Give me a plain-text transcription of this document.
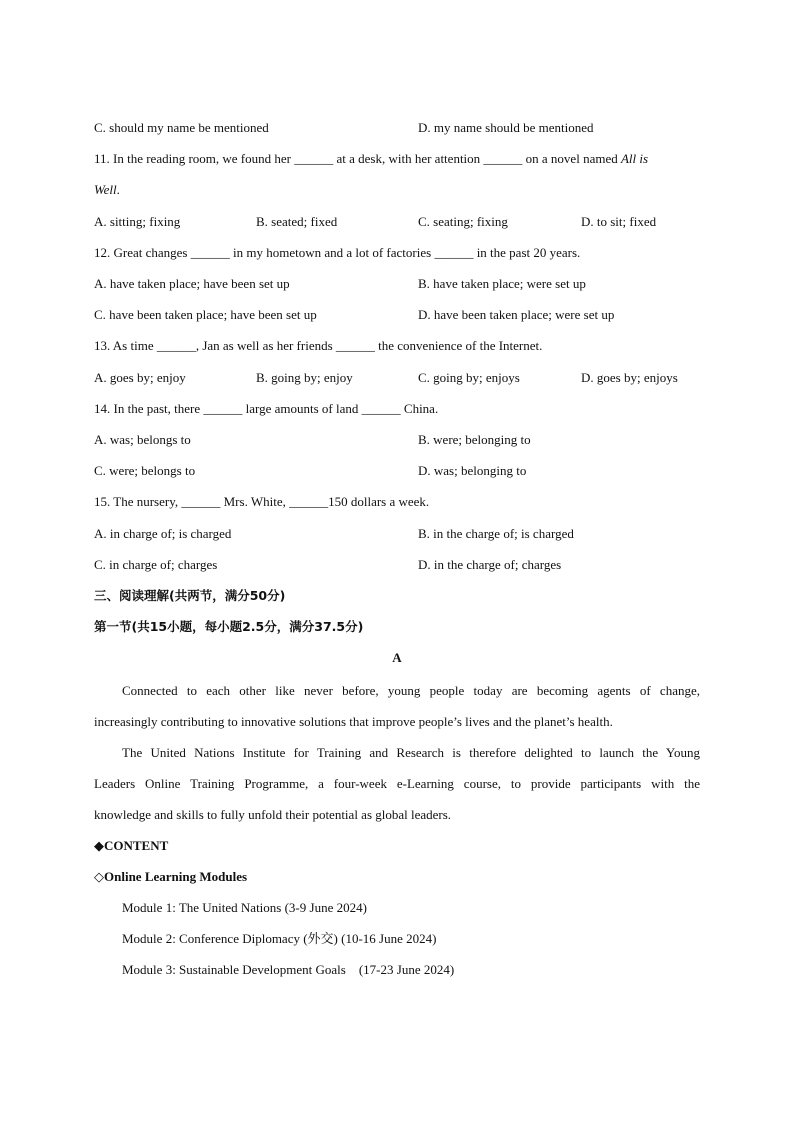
C. should my name be mentioned	D. my name should be mentioned
11. In the reading room, we found her ______ at a desk, with her attention ______ on a novel named All is
Well.
A. sitting; fixing	B. seated; fixed	C. seating; fixing	D. to sit; fixed
12. Great changes ______ in my hometown and a lot of factories ______ in the past 20 years.
A. have taken place; have been set up	B. have taken place; were set up
C. have been taken place; have been set up	D. have been taken place; were set up
13. As time ______, Jan as well as her friends ______ the convenience of the Internet.
A. goes by; enjoy	B. going by; enjoy	C. going by; enjoys	D. goes by; enjoys
14. In the past, there ______ large amounts of land ______ China.
A. was; belongs to	B. were; belonging to
C. were; belongs to	D. was; belonging to
15. The nursery, ______ Mrs. White, ______150 dollars a week.
A. in charge of; is charged	B. in the charge of; is charged
C. in charge of; charges	D. in the charge of; charges
三、阅读理解(共两节，满分50分)
第一节(共15小题，每小题2.5分，满分37.5分)
A
Connected to each other like never before, young people today are becoming agents of change,
increasingly contributing to innovative solutions that improve people’s lives and the planet’s health.
The United Nations Institute for Training and Research is therefore delighted to launch the Young
Leaders Online Training Programme, a four-week e-Learning course, to provide participants with the
knowledge and skills to fully unfold their potential as global leaders.
◆CONTENT
◇Online Learning Modules
Module 1: The United Nations (3-9 June 2024)
Module 2: Conference Diplomacy (外交) (10-16 June 2024)
Module 3: Sustainable Development Goals    (17-23 June 2024)
